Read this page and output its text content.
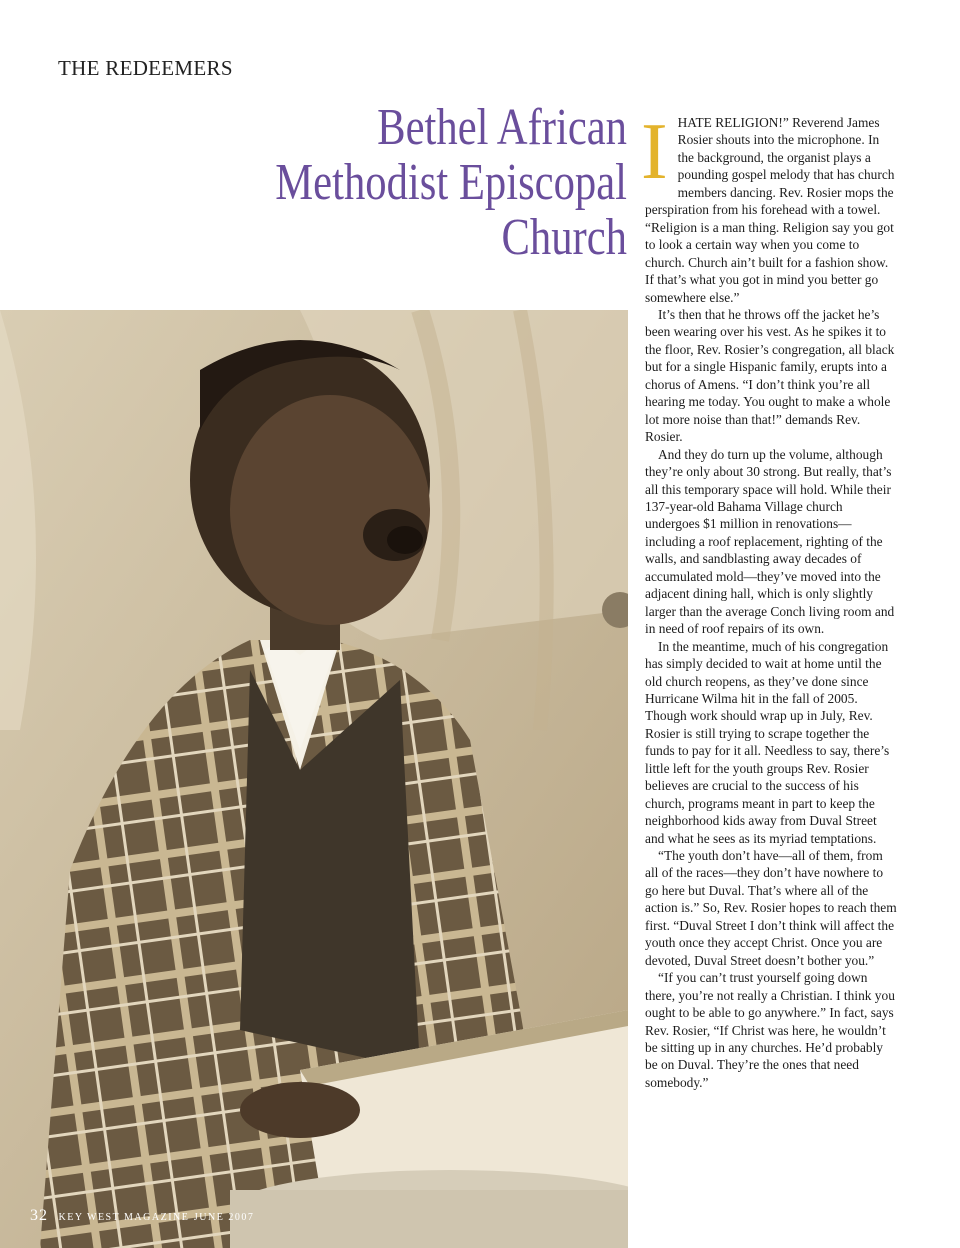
THE REDEEMERS
Bethel African
Methodist Episcopal
Church

IHATE RELIGION!” Reverend James Rosier shouts into the microphone. In the background, the organist plays a pounding gospel melody that has church members dancing. Rev. Rosier mops the perspiration from his forehead with a towel. “Religion is a man thing. Religion say you got to look a certain way when you come to church. Church ain’t built for a fashion show. If that’s what you got in mind you better go somewhere else.”

It’s then that he throws off the jacket he’s been wearing over his vest. As he spikes it to the floor, Rev. Rosier’s congregation, all black but for a single Hispanic family, erupts into a chorus of Amens. “I don’t think you’re all hearing me today. You ought to make a whole lot more noise than that!” demands Rev. Rosier.

And they do turn up the volume, although they’re only about 30 strong. But really, that’s all this temporary space will hold. While their 137-year-old Bahama Village church undergoes $1 million in renovations—including a roof replacement, righting of the walls, and sandblasting away decades of accumulated mold—they’ve moved into the adjacent dining hall, which is only slightly larger than the average Conch living room and in need of roof repairs of its own.

In the meantime, much of his congregation has simply decided to wait at home until the old church reopens, as they’ve done since Hurricane Wilma hit in the fall of 2005. Though work should wrap up in July, Rev. Rosier is still trying to scrape together the funds to pay for it all. Needless to say, there’s little left for the youth groups Rev. Rosier believes are crucial to the success of his church, programs meant in part to keep the neighborhood kids away from Duval Street and what he sees as its myriad temptations.

“The youth don’t have—all of them, from all of the races—they don’t have nowhere to go here but Duval. That’s where all of the action is.” So, Rev. Rosier hopes to reach them first. “Duval Street I don’t think will affect the youth once they accept Christ. Once you are devoted, Duval Street doesn’t bother you.”

“If you can’t trust yourself going down there, you’re not really a Christian. I think you ought to be able to go anywhere.” In fact, says Rev. Rosier, “If Christ was here, he wouldn’t be sitting up in any churches. He’d probably be on Duval. They’re the ones that need somebody.”

32 KEY WEST MAGAZINE JUNE 2007
